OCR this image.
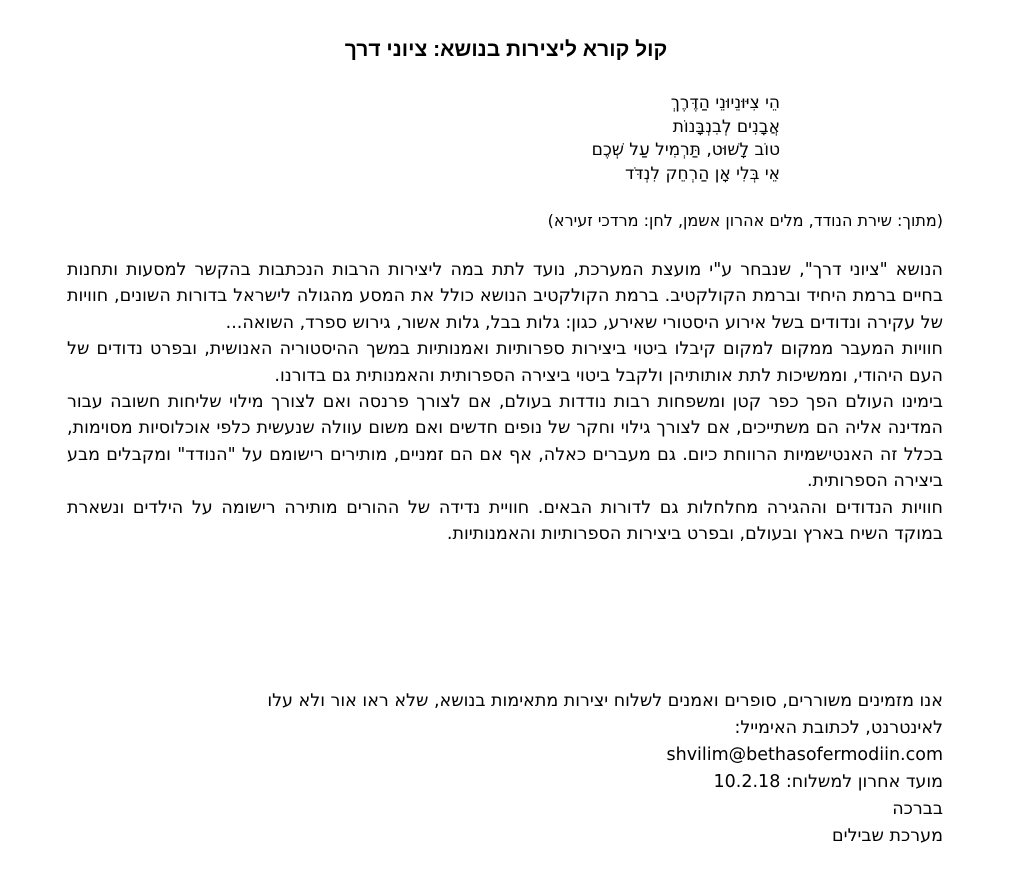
קול קורא ליצירות בנושא: ציוני דרך
הֵי צִיּוּנֵיוּנֵי הַדֶּרֶךְ
אֲבָנִים לְבִנְבָּנוֹת
טוֹב לָשׁוּט, תַּרְמִיל עַל שְׁכֶם
אֵי בְּלִי אָן הַרְחֵק לִנְדֹּד
(מתוך: שירת הנודד, מלים אהרון אשמן, לחן: מרדכי זעירא)

הנושא "ציוני דרך", שנבחר ע"י מועצת המערכת, נועד לתת במה ליצירות הרבות הנכתבות בהקשר למסעות ותחנות בחיים ברמת היחיד וברמת הקולקטיב. ברמת הקולקטיב הנושא כולל את המסע מהגולה לישראל בדורות השונים, חוויות של עקירה ונדודים בשל אירוע היסטורי שאירע, כגון: גלות בבל, גלות אשור, גירוש ספרד, השואה...

חוויות המעבר ממקום למקום קיבלו ביטוי ביצירות ספרותיות ואמנותיות במשך ההיסטוריה האנושית, ובפרט נדודים של העם היהודי, וממשיכות לתת אותותיהן ולקבל ביטוי ביצירה הספרותית והאמנותית גם בדורנו.

בימינו העולם הפך כפר קטן ומשפחות רבות נודדות בעולם, אם לצורך פרנסה ואם לצורך מילוי שליחות חשובה עבור המדינה אליה הם משתייכים, אם לצורך גילוי וחקר של נופים חדשים ואם משום עוולה שנעשית כלפי אוכלוסיות מסוימות, בכלל זה האנטישמיות הרווחת כיום. גם מעברים כאלה, אף אם הם זמניים, מותירים רישומם על "הנודד" ומקבלים מבע ביצירה הספרותית.

חוויות הנדודים וההגירה מחלחלות גם לדורות הבאים. חוויית נדידה של ההורים מותירה רישומה על הילדים ונשארת במוקד השיח בארץ ובעולם, ובפרט ביצירות הספרותיות והאמנותיות.

אנו מזמינים משוררים, סופרים ואמנים לשלוח יצירות מתאימות בנושא, שלא ראו אור ולא עלו
לאינטרנט, לכתובת האימייל:
shvilim@bethasofermodiin.com
מועד אחרון למשלוח: 10.2.18
בברכה
מערכת שבילים
